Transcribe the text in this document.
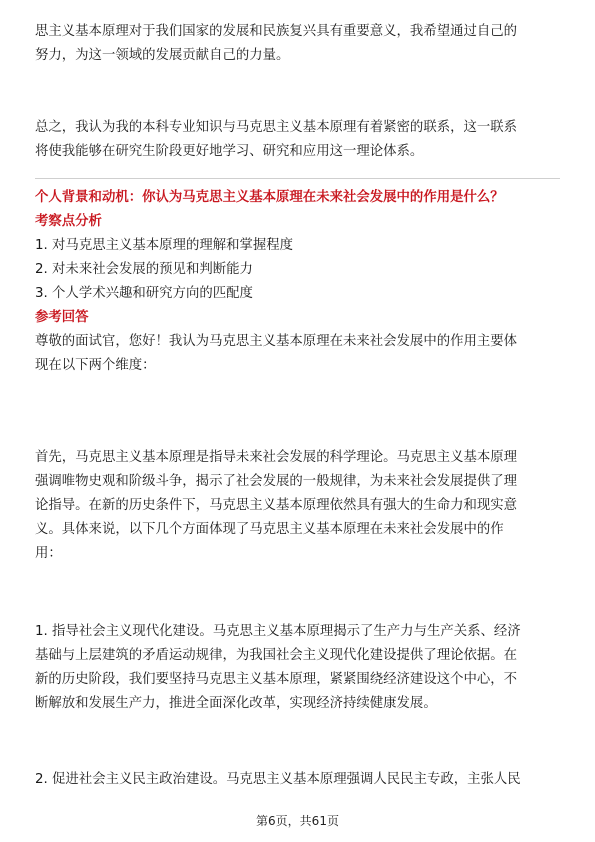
思主义基本原理对于我们国家的发展和民族复兴具有重要意义，我希望通过自己的
努力，为这一领域的发展贡献自己的力量。
总之，我认为我的本科专业知识与马克思主义基本原理有着紧密的联系，这一联系
将使我能够在研究生阶段更好地学习、研究和应用这一理论体系。
个人背景和动机：你认为马克思主义基本原理在未来社会发展中的作用是什么？
考察点分析
1. 对马克思主义基本原理的理解和掌握程度
2. 对未来社会发展的预见和判断能力
3. 个人学术兴趣和研究方向的匹配度
参考回答
尊敬的面试官，您好！我认为马克思主义基本原理在未来社会发展中的作用主要体
现在以下两个维度：
首先，马克思主义基本原理是指导未来社会发展的科学理论。马克思主义基本原理
强调唯物史观和阶级斗争，揭示了社会发展的一般规律，为未来社会发展提供了理
论指导。在新的历史条件下，马克思主义基本原理依然具有强大的生命力和现实意
义。具体来说，以下几个方面体现了马克思主义基本原理在未来社会发展中的作
用：
1. 指导社会主义现代化建设。马克思主义基本原理揭示了生产力与生产关系、经济
基础与上层建筑的矛盾运动规律，为我国社会主义现代化建设提供了理论依据。在
新的历史阶段，我们要坚持马克思主义基本原理，紧紧围绕经济建设这个中心，不
断解放和发展生产力，推进全面深化改革，实现经济持续健康发展。
2. 促进社会主义民主政治建设。马克思主义基本原理强调人民民主专政，主张人民
第6页，共61页
